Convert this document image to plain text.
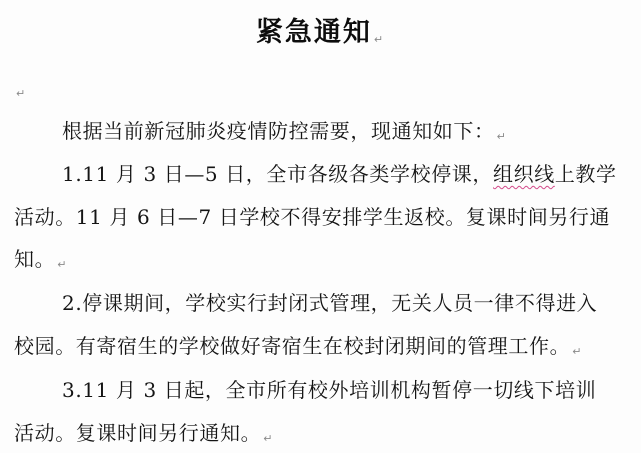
紧急通知 ↵
↵
根据当前新冠肺炎疫情防控需要，现通知如下： ↵
1.11 月 3 日—5 日，全市各级各类学校停课，组织线上教学
活动。11 月 6 日—7 日学校不得安排学生返校。复课时间另行通
知。 ↵
2.停课期间，学校实行封闭式管理，无关人员一律不得进入
校园。有寄宿生的学校做好寄宿生在校封闭期间的管理工作。 ↵
3.11 月 3 日起，全市所有校外培训机构暂停一切线下培训
活动。复课时间另行通知。 ↵
